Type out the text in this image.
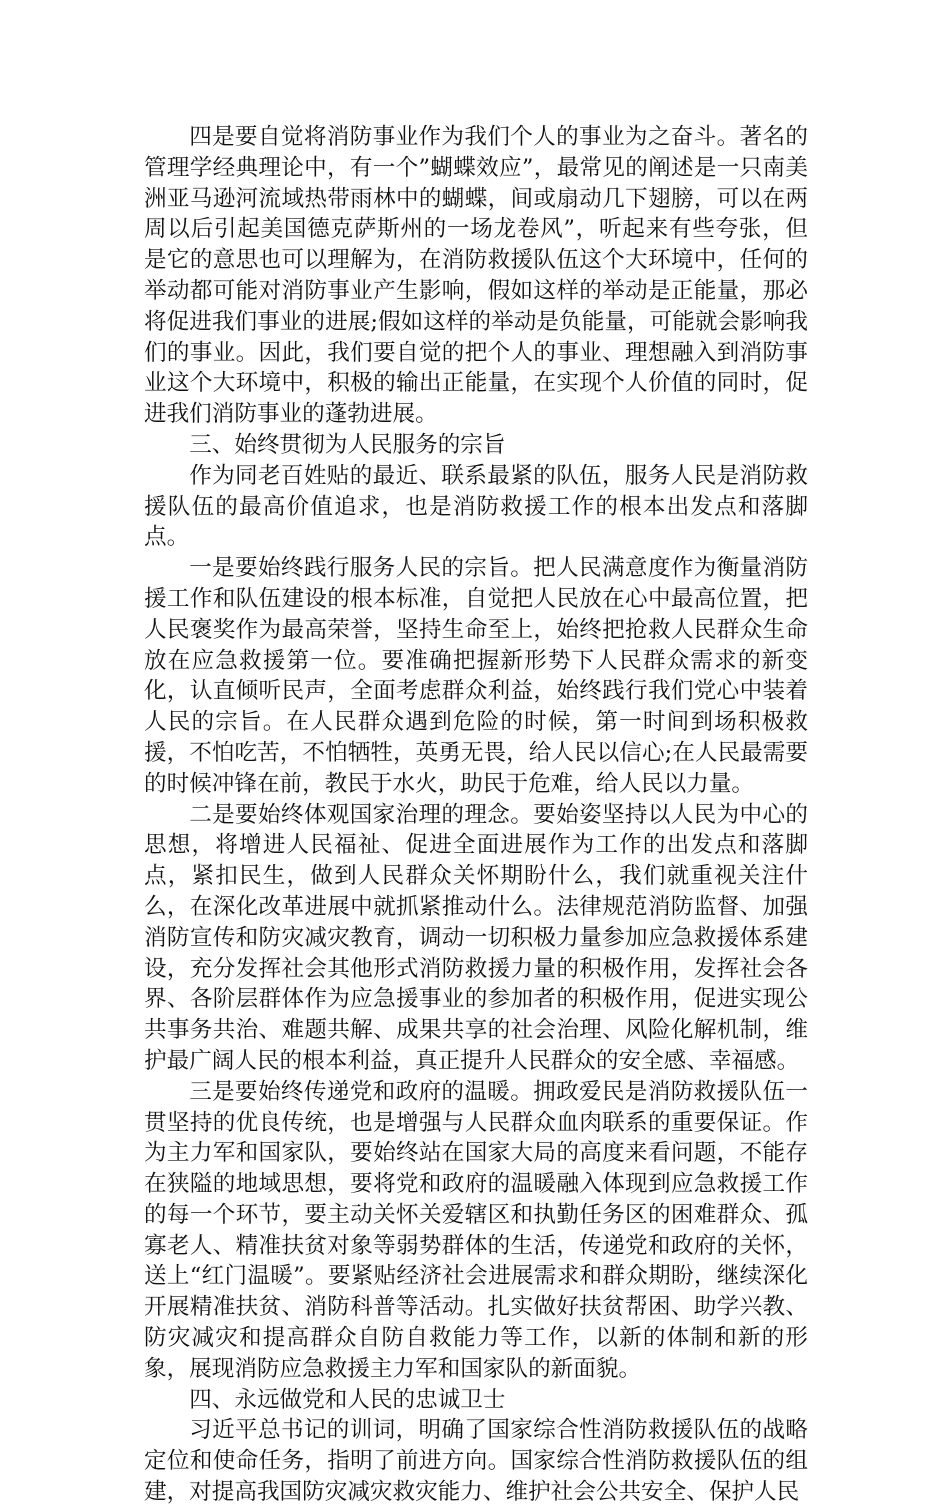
四是要自觉将消防事业作为我们个人的事业为之奋斗。著名的管理学经典理论中，有一个”蝴蝶效应”，最常见的阐述是一只南美洲亚马逊河流域热带雨林中的蝴蝶，间或扇动几下翅膀，可以在两周以后引起美国德克萨斯州的一场龙卷风”，听起来有些夸张，但是它的意思也可以理解为，在消防救援队伍这个大环境中，任何的举动都可能对消防事业产生影响，假如这样的举动是正能量，那必将促进我们事业的进展;假如这样的举动是负能量，可能就会影响我们的事业。因此，我们要自觉的把个人的事业、理想融入到消防事业这个大环境中，积极的输出正能量，在实现个人价值的同时，促进我们消防事业的蓬勃进展。

三、始终贯彻为人民服务的宗旨

作为同老百姓贴的最近、联系最紧的队伍，服务人民是消防救援队伍的最高价值追求，也是消防救援工作的根本出发点和落脚点。

一是要始终践行服务人民的宗旨。把人民满意度作为衡量消防援工作和队伍建设的根本标准，自觉把人民放在心中最高位置，把人民褒奖作为最高荣誉，坚持生命至上，始终把抢救人民群众生命放在应急救援第一位。要准确把握新形势下人民群众需求的新变化，认直倾听民声，全面考虑群众利益，始终践行我们党心中装着人民的宗旨。在人民群众遇到危险的时候，第一时间到场积极救援，不怕吃苦，不怕牺牲，英勇无畏，给人民以信心;在人民最需要的时候冲锋在前，教民于水火，助民于危难，给人民以力量。

二是要始终体观国家治理的理念。要始姿坚持以人民为中心的思想，将增进人民福祉、促进全面进展作为工作的出发点和落脚点，紧扣民生，做到人民群众关怀期盼什么，我们就重视关注什么，在深化改革进展中就抓紧推动什么。法律规范消防监督、加强消防宣传和防灾减灾教育，调动一切积极力量参加应急救援体系建设，充分发挥社会其他形式消防救援力量的积极作用，发挥社会各界、各阶层群体作为应急援事业的参加者的积极作用，促进实现公共事务共治、难题共解、成果共享的社会治理、风险化解机制，维护最广阔人民的根本利益，真正提升人民群众的安全感、幸福感。

三是要始终传递党和政府的温暖。拥政爱民是消防救援队伍一贯坚持的优良传统，也是增强与人民群众血肉联系的重要保证。作为主力军和国家队，要始终站在国家大局的高度来看问题，不能存在狭隘的地域思想，要将党和政府的温暖融入体现到应急救援工作的每一个环节，要主动关怀关爱辖区和执勤任务区的困难群众、孤寡老人、精准扶贫对象等弱势群体的生活，传递党和政府的关怀，送上“红门温暖”。要紧贴经济社会进展需求和群众期盼，继续深化开展精准扶贫、消防科普等活动。扎实做好扶贫帮困、助学兴教、防灾减灾和提高群众自防自救能力等工作，以新的体制和新的形象，展现消防应急救援主力军和国家队的新面貌。

四、永远做党和人民的忠诚卫士

习近平总书记的训词，明确了国家综合性消防救援队伍的战略定位和使命任务，指明了前进方向。国家综合性消防救援队伍的组建，对提高我国防灾减灾救灾能力、维护社会公共安全、保护人民
